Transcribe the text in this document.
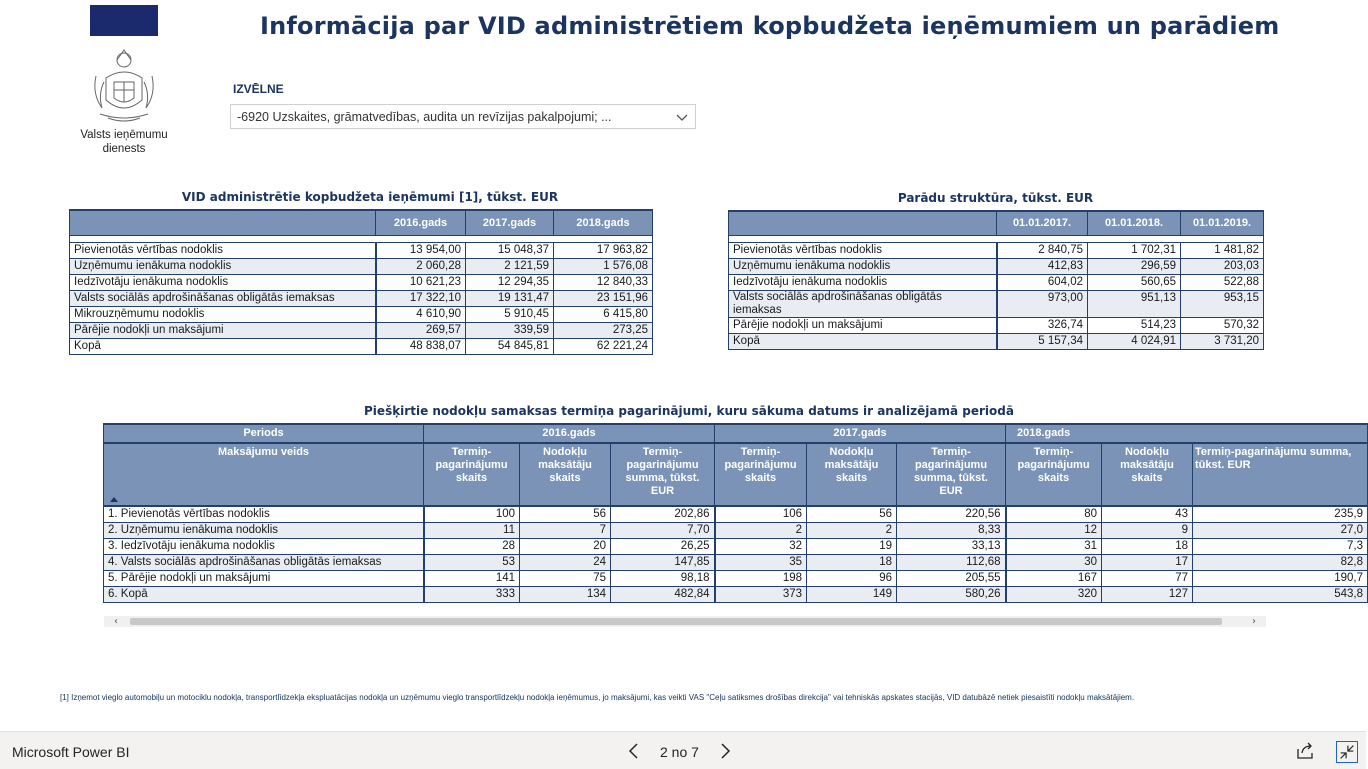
Informācija par VID administrētiem kopbudžeta ieņēmumiem un parādiem
Valsts ieņēmumu
dienests
IZVĒLNE
-6920 Uzskaites, grāmatvedības, audita un revīzijas pakalpojumi; ...
VID administrētie kopbudžeta ieņēmumi [1], tūkst. EUR
	2016.gads	2017.gads	2018.gads

Pievienotās vērtības nodoklis	13 954,00	15 048,37	17 963,82
Uzņēmumu ienākuma nodoklis	2 060,28	2 121,59	1 576,08
Iedzīvotāju ienākuma nodoklis	10 621,23	12 294,35	12 840,33
Valsts sociālās apdrošināšanas obligātās iemaksas	17 322,10	19 131,47	23 151,96
Mikrouzņēmumu nodoklis	4 610,90	5 910,45	6 415,80
Pārējie nodokļi un maksājumi	269,57	339,59	273,25
Kopā	48 838,07	54 845,81	62 221,24
Parādu struktūra, tūkst. EUR
	01.01.2017.	01.01.2018.	01.01.2019.

Pievienotās vērtības nodoklis	2 840,75	1 702,31	1 481,82
Uzņēmumu ienākuma nodoklis	412,83	296,59	203,03
Iedzīvotāju ienākuma nodoklis	604,02	560,65	522,88
Valsts sociālās apdrošināšanas obligātās iemaksas	973,00	951,13	953,15
Pārējie nodokļi un maksājumi	326,74	514,23	570,32
Kopā	5 157,34	4 024,91	3 731,20
Piešķirtie nodokļu samaksas termiņa pagarinājumi, kuru sākuma datums ir analizējamā periodā
Periods	2016.gads			2017.gads			2018.gads		
Maksājumu veids	Termiņ-pagarinājumu skaits	Nodokļu maksātāju skaits	Termiņ-pagarinājumu summa, tūkst. EUR	Termiņ-pagarinājumu skaits	Nodokļu maksātāju skaits	Termiņ-pagarinājumu summa, tūkst. EUR	Termiņ-pagarinājumu skaits	Nodokļu maksātāju skaits	Termiņ-pagarinājumu summa, tūkst. EUR

1. Pievienotās vērtības nodoklis	100	56	202,86	106	56	220,56	80	43	235,9
2. Uzņēmumu ienākuma nodoklis	11	7	7,70	2	2	8,33	12	9	27,0
3. Iedzīvotāju ienākuma nodoklis	28	20	26,25	32	19	33,13	31	18	7,3
4. Valsts sociālās apdrošināšanas obligātās iemaksas	53	24	147,85	35	18	112,68	30	17	82,8
5. Pārējie nodokļi un maksājumi	141	75	98,18	198	96	205,55	167	77	190,7
6. Kopā	333	134	482,84	373	149	580,26	320	127	543,8
‹	›
[1] Izņemot vieglo automobiļu un motociklu nodokļa, transportlīdzekļa ekspluatācijas nodokļa un uzņēmumu vieglo transportlīdzekļu nodokļa ieņēmumus, jo maksājumi, kas veikti VAS "Ceļu satiksmes drošības direkcija" vai tehniskās apskates stacijās, VID datubāzē netiek piesaistīti nodokļu maksātājiem.
Microsoft Power BI	2 no 7
